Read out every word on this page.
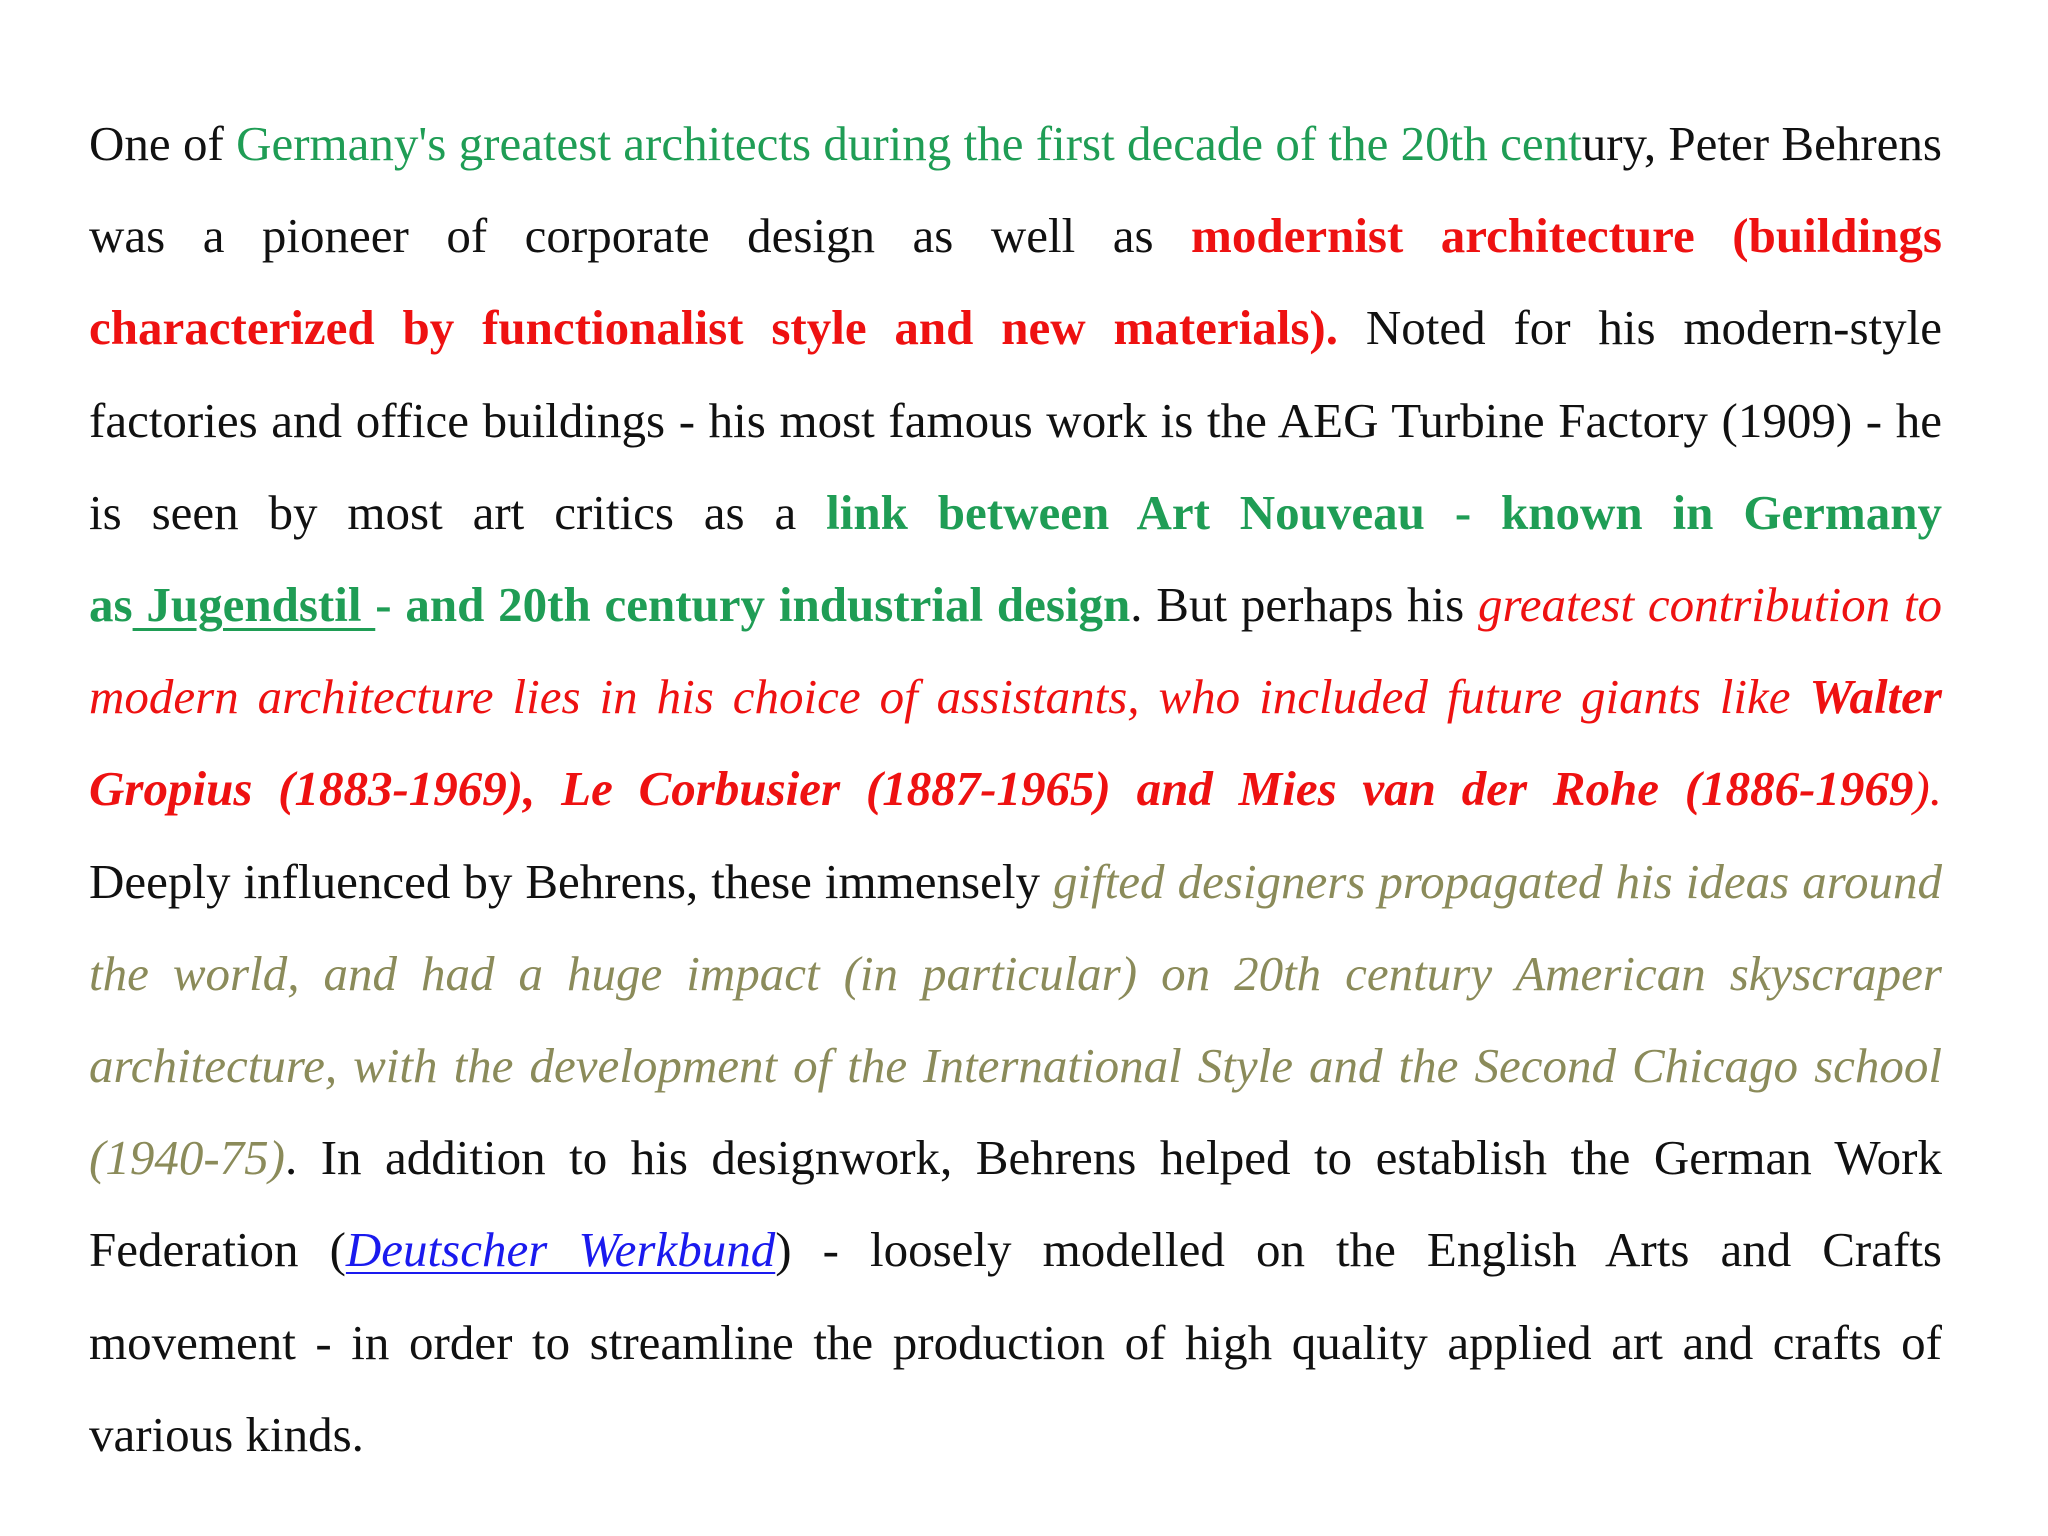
One of Germany's greatest architects during the first decade of the 20th century, Peter Behrens was a pioneer of corporate design as well as modernist architecture (buildings characterized by functionalist style and new materials). Noted for his modern-style factories and office buildings - his most famous work is the AEG Turbine Factory (1909) - he is seen by most art critics as a link between Art Nouveau - known in Germany as Jugendstil - and 20th century industrial design. But perhaps his greatest contribution to modern architecture lies in his choice of assistants, who included future giants like Walter Gropius (1883-1969), Le Corbusier (1887-1965) and Mies van der Rohe (1886-1969). Deeply influenced by Behrens, these immensely gifted designers propagated his ideas around the world, and had a huge impact (in particular) on 20th century American skyscraper architecture, with the development of the International Style and the Second Chicago school (1940-75). In addition to his designwork, Behrens helped to establish the German Work Federation (Deutscher Werkbund) - loosely modelled on the English Arts and Crafts movement - in order to streamline the production of high quality applied art and crafts of various kinds.
